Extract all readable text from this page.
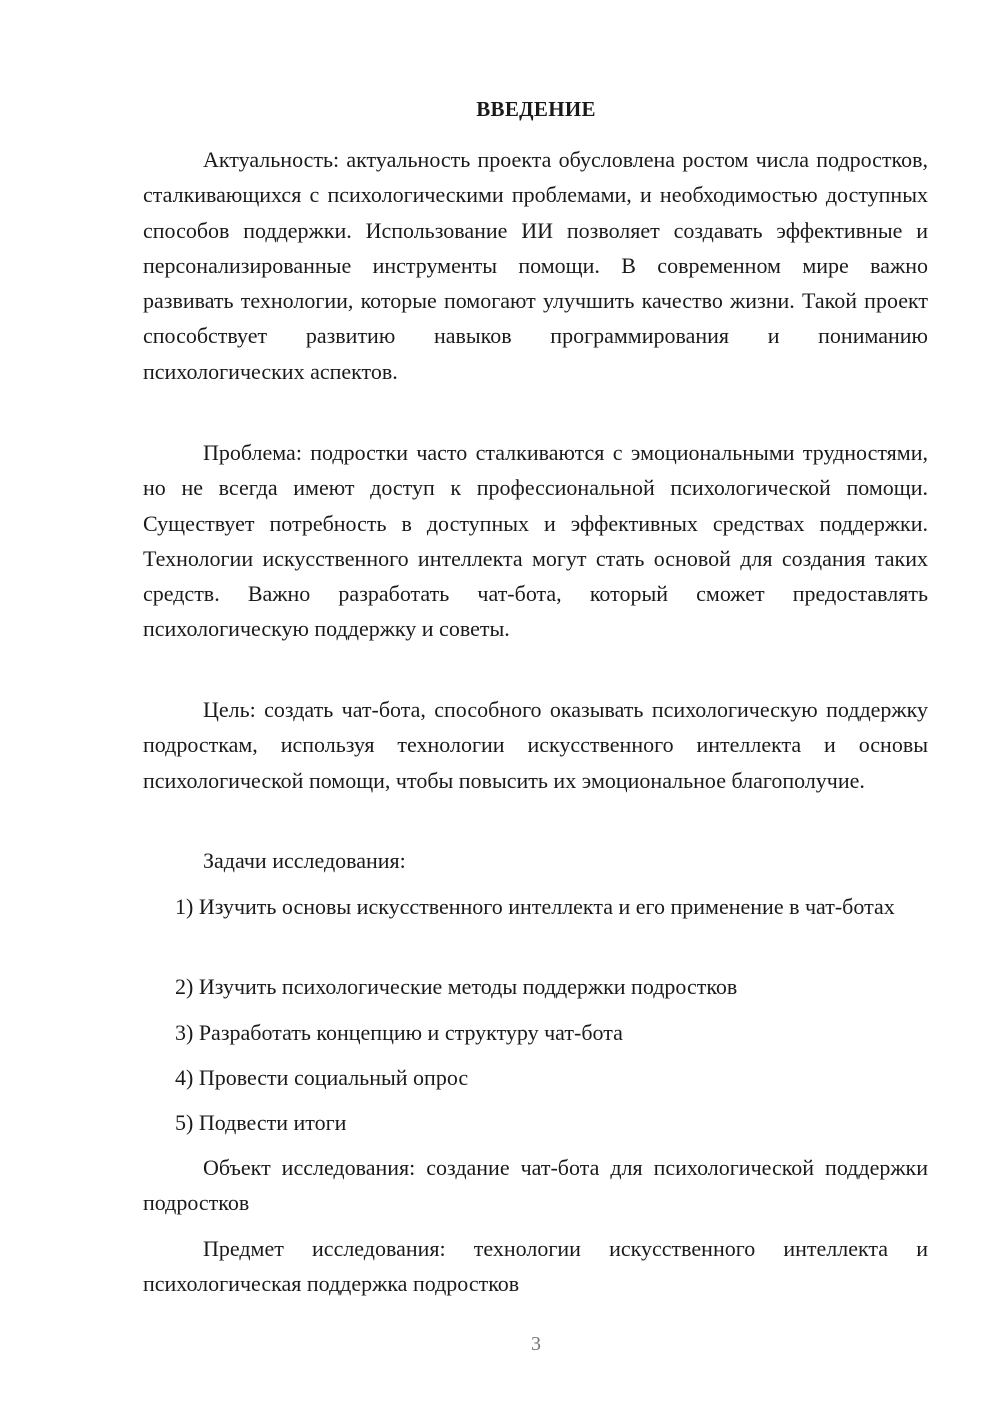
ВВЕДЕНИЕ

Актуальность: актуальность проекта обусловлена ростом числа подростков, сталкивающихся с психологическими проблемами, и необходимостью доступных способов поддержки. Использование ИИ позволяет создавать эффективные и персонализированные инструменты помощи. В современном мире важно развивать технологии, которые помогают улучшить качество жизни. Такой проект способствует развитию навыков программирования и пониманию психологических аспектов.

Проблема: подростки часто сталкиваются с эмоциональными трудностями, но не всегда имеют доступ к профессиональной психологической помощи. Существует потребность в доступных и эффективных средствах поддержки. Технологии искусственного интеллекта могут стать основой для создания таких средств. Важно разработать чат-бота, который сможет предоставлять психологическую поддержку и советы.

Цель: создать чат-бота, способного оказывать психологическую поддержку подросткам, используя технологии искусственного интеллекта и основы психологической помощи, чтобы повысить их эмоциональное благополучие.

Задачи исследования:

1) Изучить основы искусственного интеллекта и его применение в чат-ботах

2) Изучить психологические методы поддержки подростков

3) Разработать концепцию и структуру чат-бота

4) Провести социальный опрос

5) Подвести итоги

Объект исследования: создание чат-бота для психологической поддержки подростков

Предмет исследования: технологии искусственного интеллекта и психологическая поддержка подростков

3
